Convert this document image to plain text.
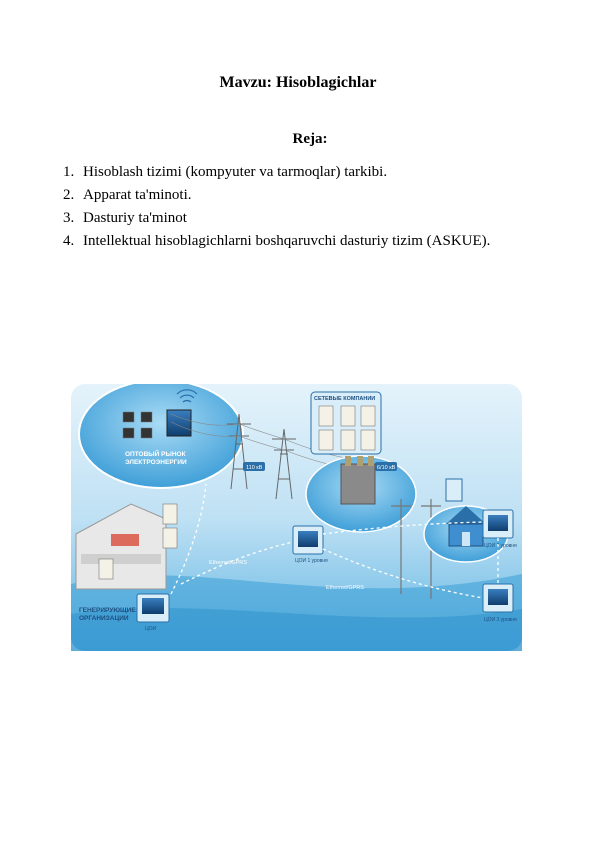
Mavzu: Hisoblagichlar
Reja:
1. Hisoblash tizimi (kompyuter va tarmoqlar) tarkibi.
2. Apparat ta'minoti.
3. Dasturiy ta'minot
4. Intellektual hisoblagichlarni boshqaruvchi dasturiy tizim (ASKUE).
ОПТОВЫЙ РЫНОК
ЭЛЕКТРОЭНЕРГИИ
110 кВ	6/10 кВ
СЕТЕВЫЕ КОМПАНИИ
ЦОИ 1 уровня
ЦОИ 2 уровня
ЦОИ 3 уровня
ЦОИ
ГЕНЕРИРУЮЩИЕ
ОРГАНИЗАЦИИ
Ethernet/GPRS
Ethernet/GPRS
